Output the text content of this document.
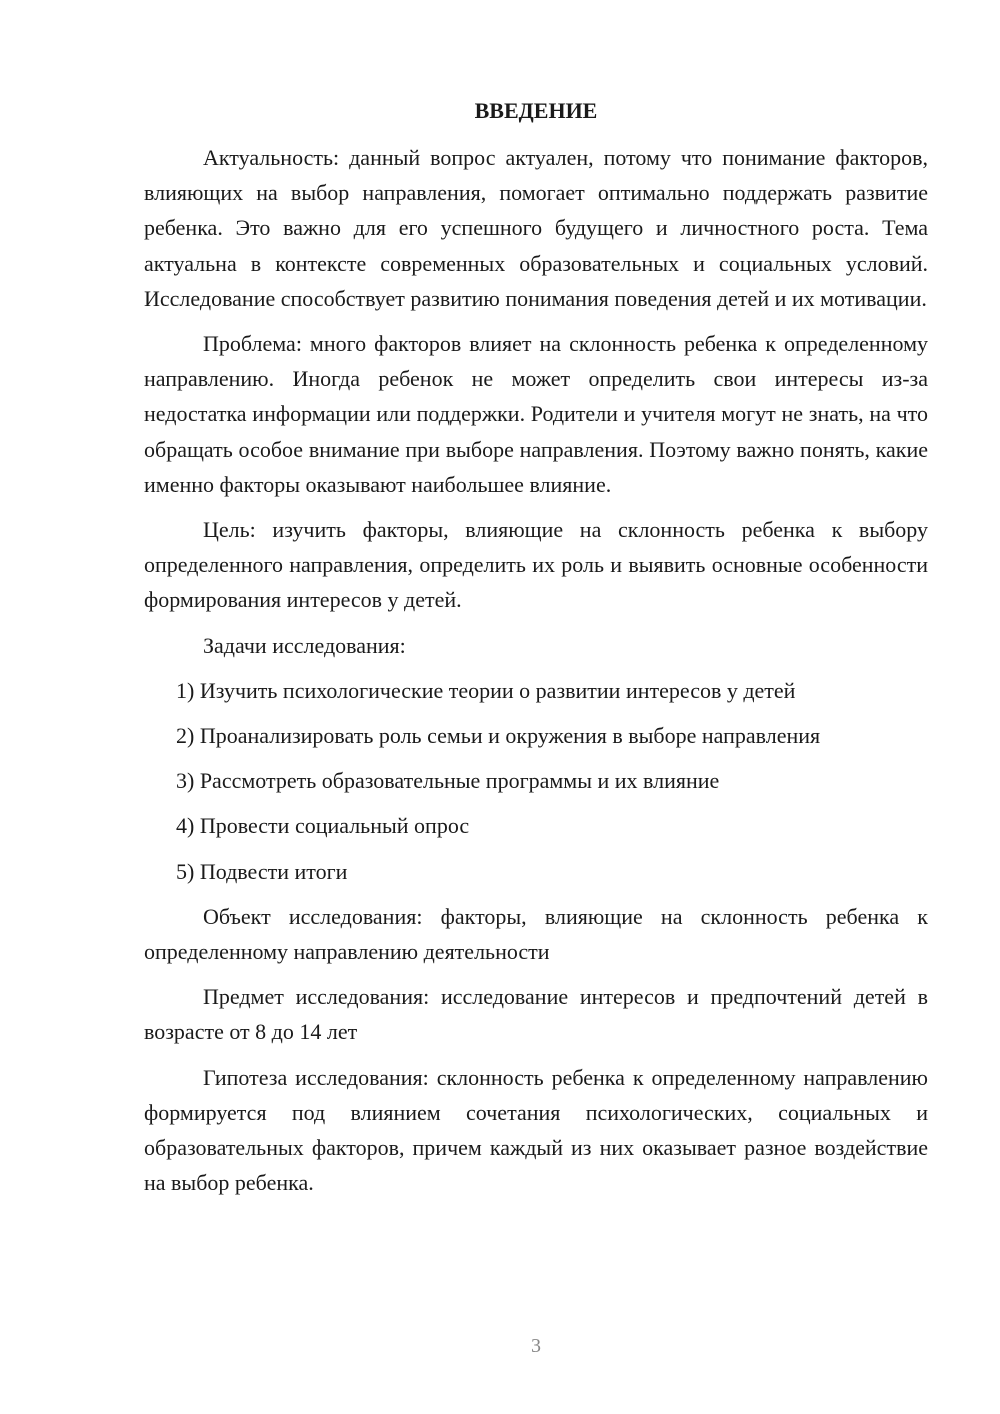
ВВЕДЕНИЕ

Актуальность: данный вопрос актуален, потому что понимание факторов, влияющих на выбор направления, помогает оптимально поддержать развитие ребенка. Это важно для его успешного будущего и личностного роста. Тема актуальна в контексте современных образовательных и социальных условий. Исследование способствует развитию понимания поведения детей и их мотивации.

Проблема: много факторов влияет на склонность ребенка к определенному направлению. Иногда ребенок не может определить свои интересы из-за недостатка информации или поддержки. Родители и учителя могут не знать, на что обращать особое внимание при выборе направления. Поэтому важно понять, какие именно факторы оказывают наибольшее влияние.

Цель: изучить факторы, влияющие на склонность ребенка к выбору определенного направления, определить их роль и выявить основные особенности формирования интересов у детей.

Задачи исследования:

1) Изучить психологические теории о развитии интересов у детей

2) Проанализировать роль семьи и окружения в выборе направления

3) Рассмотреть образовательные программы и их влияние

4) Провести социальный опрос

5) Подвести итоги

Объект исследования: факторы, влияющие на склонность ребенка к определенному направлению деятельности

Предмет исследования: исследование интересов и предпочтений детей в возрасте от 8 до 14 лет

Гипотеза исследования: склонность ребенка к определенному направлению формируется под влиянием сочетания психологических, социальных и образовательных факторов, причем каждый из них оказывает разное воздействие на выбор ребенка.

3
